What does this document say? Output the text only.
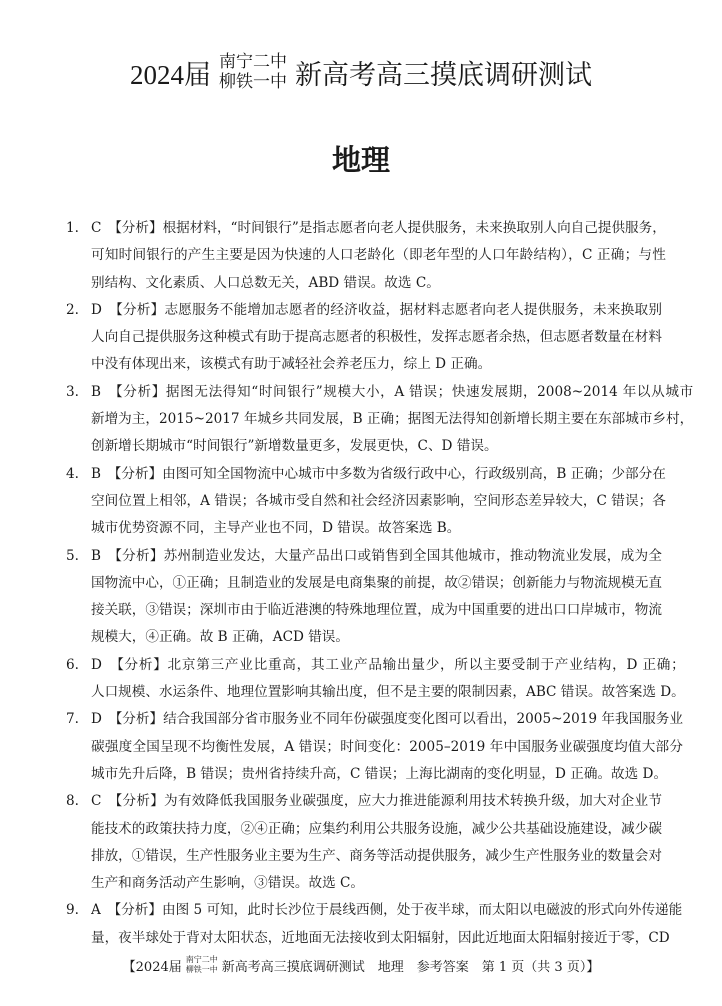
2024届 南宁二中
柳铁一中 新高考高三摸底调研测试
地理
1. C　【分析】根据材料，“时间银行”是指志愿者向老人提供服务，未来换取别人向自己提供服务，
可知时间银行的产生主要是因为快速的人口老龄化（即老年型的人口年龄结构），C 正确；与性
别结构、文化素质、人口总数无关，ABD 错误。故选 C。
2. D　【分析】志愿服务不能增加志愿者的经济收益，据材料志愿者向老人提供服务，未来换取别
人向自己提供服务这种模式有助于提高志愿者的积极性，发挥志愿者余热，但志愿者数量在材料
中没有体现出来，该模式有助于减轻社会养老压力，综上 D 正确。
3. B　【分析】据图无法得知“时间银行”规模大小，A 错误；快速发展期，2008~2014 年以从城市
新增为主，2015~2017 年城乡共同发展，B 正确；据图无法得知创新增长期主要在东部城市乡村，
创新增长期城市“时间银行”新增数量更多，发展更快，C、D 错误。
4. B　【分析】由图可知全国物流中心城市中多数为省级行政中心，行政级别高，B 正确；少部分在
空间位置上相邻，A 错误；各城市受自然和社会经济因素影响，空间形态差异较大，C 错误；各
城市优势资源不同，主导产业也不同，D 错误。故答案选 B。
5. B　【分析】苏州制造业发达，大量产品出口或销售到全国其他城市，推动物流业发展，成为全
国物流中心，①正确；且制造业的发展是电商集聚的前提，故②错误；创新能力与物流规模无直
接关联，③错误；深圳市由于临近港澳的特殊地理位置，成为中国重要的进出口口岸城市，物流
规模大，④正确。故 B 正确，ACD 错误。
6. D　【分析】北京第三产业比重高，其工业产品输出量少，所以主要受制于产业结构，D 正确；
人口规模、水运条件、地理位置影响其输出度，但不是主要的限制因素，ABC 错误。故答案选 D。
7. D　【分析】结合我国部分省市服务业不同年份碳强度变化图可以看出，2005~2019 年我国服务业
碳强度全国呈现不均衡性发展，A 错误；时间变化：2005–2019 年中国服务业碳强度均值大部分
城市先升后降，B 错误；贵州省持续升高，C 错误；上海比湖南的变化明显，D 正确。故选 D。
8. C　【分析】为有效降低我国服务业碳强度，应大力推进能源利用技术转换升级，加大对企业节
能技术的政策扶持力度，②④正确；应集约利用公共服务设施，减少公共基础设施建设，减少碳
排放，①错误，生产性服务业主要为生产、商务等活动提供服务，减少生产性服务业的数量会对
生产和商务活动产生影响，③错误。故选 C。
9. A　【分析】由图 5 可知，此时长沙位于晨线西侧，处于夜半球，而太阳以电磁波的形式向外传递能
量，夜半球处于背对太阳状态，近地面无法接收到太阳辐射，因此近地面太阳辐射接近于零，CD
【2024届 南宁二中
柳铁一中 新高考高三摸底调研测试　地理　参考答案　第 1 页（共 3 页）】
